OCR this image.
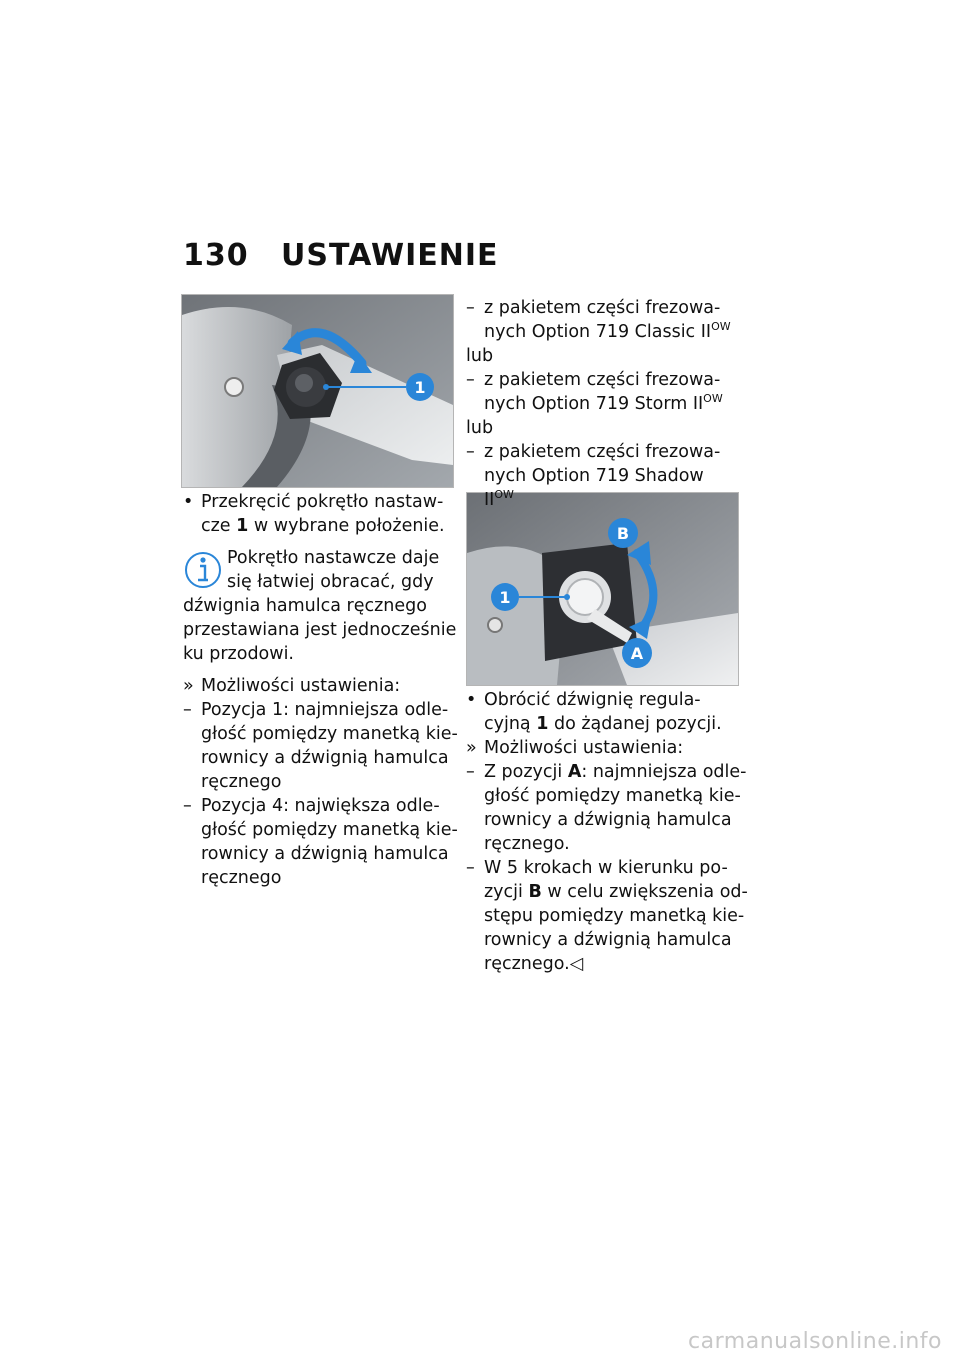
130 USTAWIENIE
1
1
B
A
• Przekręcić pokrętło nastaw-
cze 1 w wybrane położenie.
Pokrętło nastawcze daje
się łatwiej obracać, gdy
dźwignia hamulca ręcznego
przestawiana jest jednocześnie
ku przodowi.
» Możliwości ustawienia:
– Pozycja 1: najmniejsza odle-
głość pomiędzy manetką kie-
rownicy a dźwignią hamulca
ręcznego
– Pozycja 4: największa odle-
głość pomiędzy manetką kie-
rownicy a dźwignią hamulca
ręcznego
– z pakietem części frezowa-
nych Option 719 Classic $II^{OW}$
lub
– z pakietem części frezowa-
nych Option 719 Storm $II^{OW}$
lub
– z pakietem części frezowa-
nych Option 719 Shadow
$II^{OW}$
• Obrócić dźwignię regula-
cyjną 1 do żądanej pozycji.
» Możliwości ustawienia:
– Z pozycji A: najmniejsza odle-
głość pomiędzy manetką kie-
rownicy a dźwignią hamulca
ręcznego.
– W 5 krokach w kierunku po-
zycji B w celu zwiększenia od-
stępu pomiędzy manetką kie-
rownicy a dźwignią hamulca
ręcznego.◁
carmanualsonline.info
